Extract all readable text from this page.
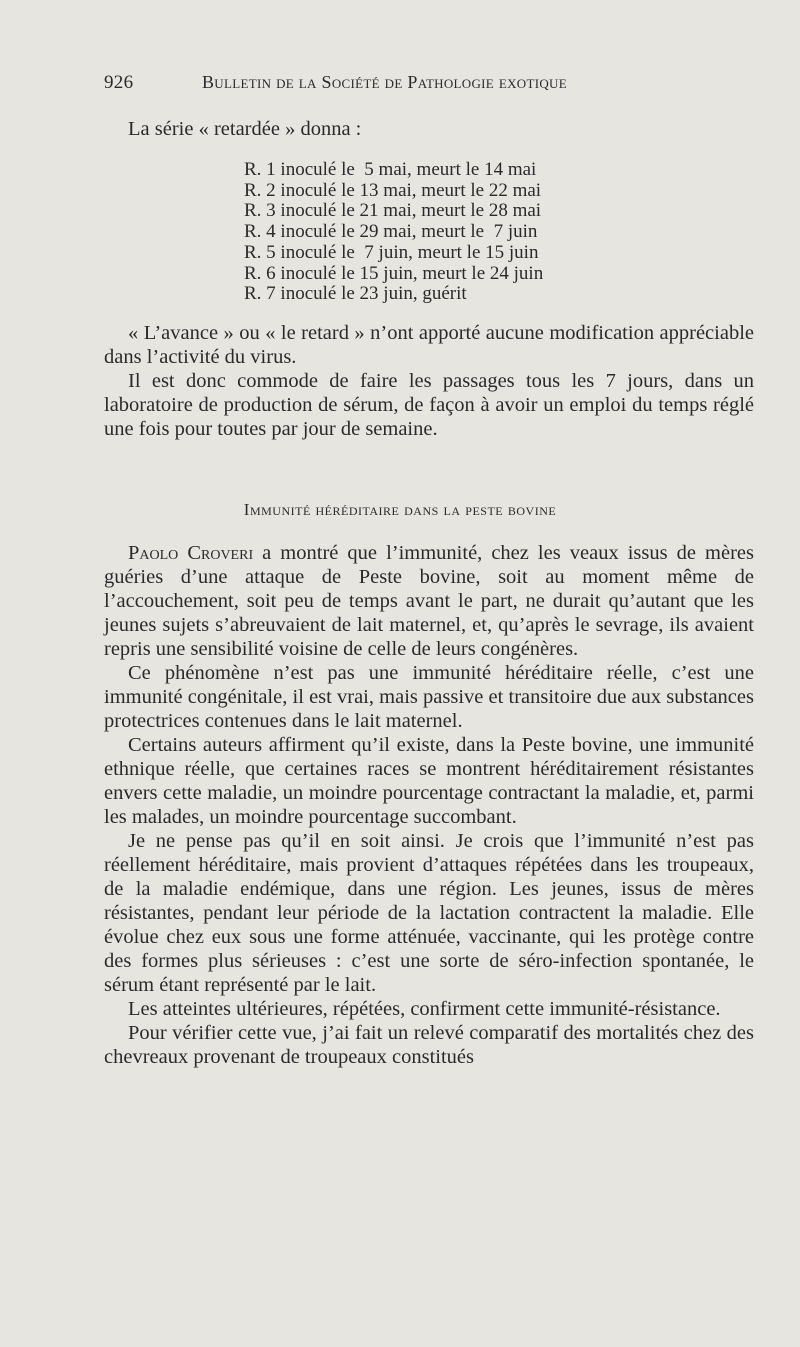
926	Bulletin de la Société de Pathologie exotique
La série « retardée » donna :
R. 1 inoculé le  5 mai, meurt le 14 mai
R. 2 inoculé le 13 mai, meurt le 22 mai
R. 3 inoculé le 21 mai, meurt le 28 mai
R. 4 inoculé le 29 mai, meurt le  7 juin
R. 5 inoculé le  7 juin, meurt le 15 juin
R. 6 inoculé le 15 juin, meurt le 24 juin
R. 7 inoculé le 23 juin, guérit

« L’avance » ou « le retard » n’ont apporté aucune modification appréciable dans l’activité du virus.

Il est donc commode de faire les passages tous les 7 jours, dans un laboratoire de production de sérum, de façon à avoir un emploi du temps réglé une fois pour toutes par jour de semaine.

Immunité héréditaire dans la peste bovine

Paolo Croveri a montré que l’immunité, chez les veaux issus de mères guéries d’une attaque de Peste bovine, soit au moment même de l’accouchement, soit peu de temps avant le part, ne durait qu’autant que les jeunes sujets s’abreuvaient de lait maternel, et, qu’après le sevrage, ils avaient repris une sensibilité voisine de celle de leurs congénères.

Ce phénomène n’est pas une immunité héréditaire réelle, c’est une immunité congénitale, il est vrai, mais passive et transitoire due aux substances protectrices contenues dans le lait maternel.

Certains auteurs affirment qu’il existe, dans la Peste bovine, une immunité ethnique réelle, que certaines races se montrent héréditairement résistantes envers cette maladie, un moindre pourcentage contractant la maladie, et, parmi les malades, un moindre pourcentage succombant.

Je ne pense pas qu’il en soit ainsi. Je crois que l’immunité n’est pas réellement héréditaire, mais provient d’attaques répétées dans les troupeaux, de la maladie endémique, dans une région. Les jeunes, issus de mères résistantes, pendant leur période de la lactation contractent la maladie. Elle évolue chez eux sous une forme atténuée, vaccinante, qui les protège contre des formes plus sérieuses : c’est une sorte de séro-infection spontanée, le sérum étant représenté par le lait.

Les atteintes ultérieures, répétées, confirment cette immunité-résistance.

Pour vérifier cette vue, j’ai fait un relevé comparatif des mortalités chez des chevreaux provenant de troupeaux constitués
